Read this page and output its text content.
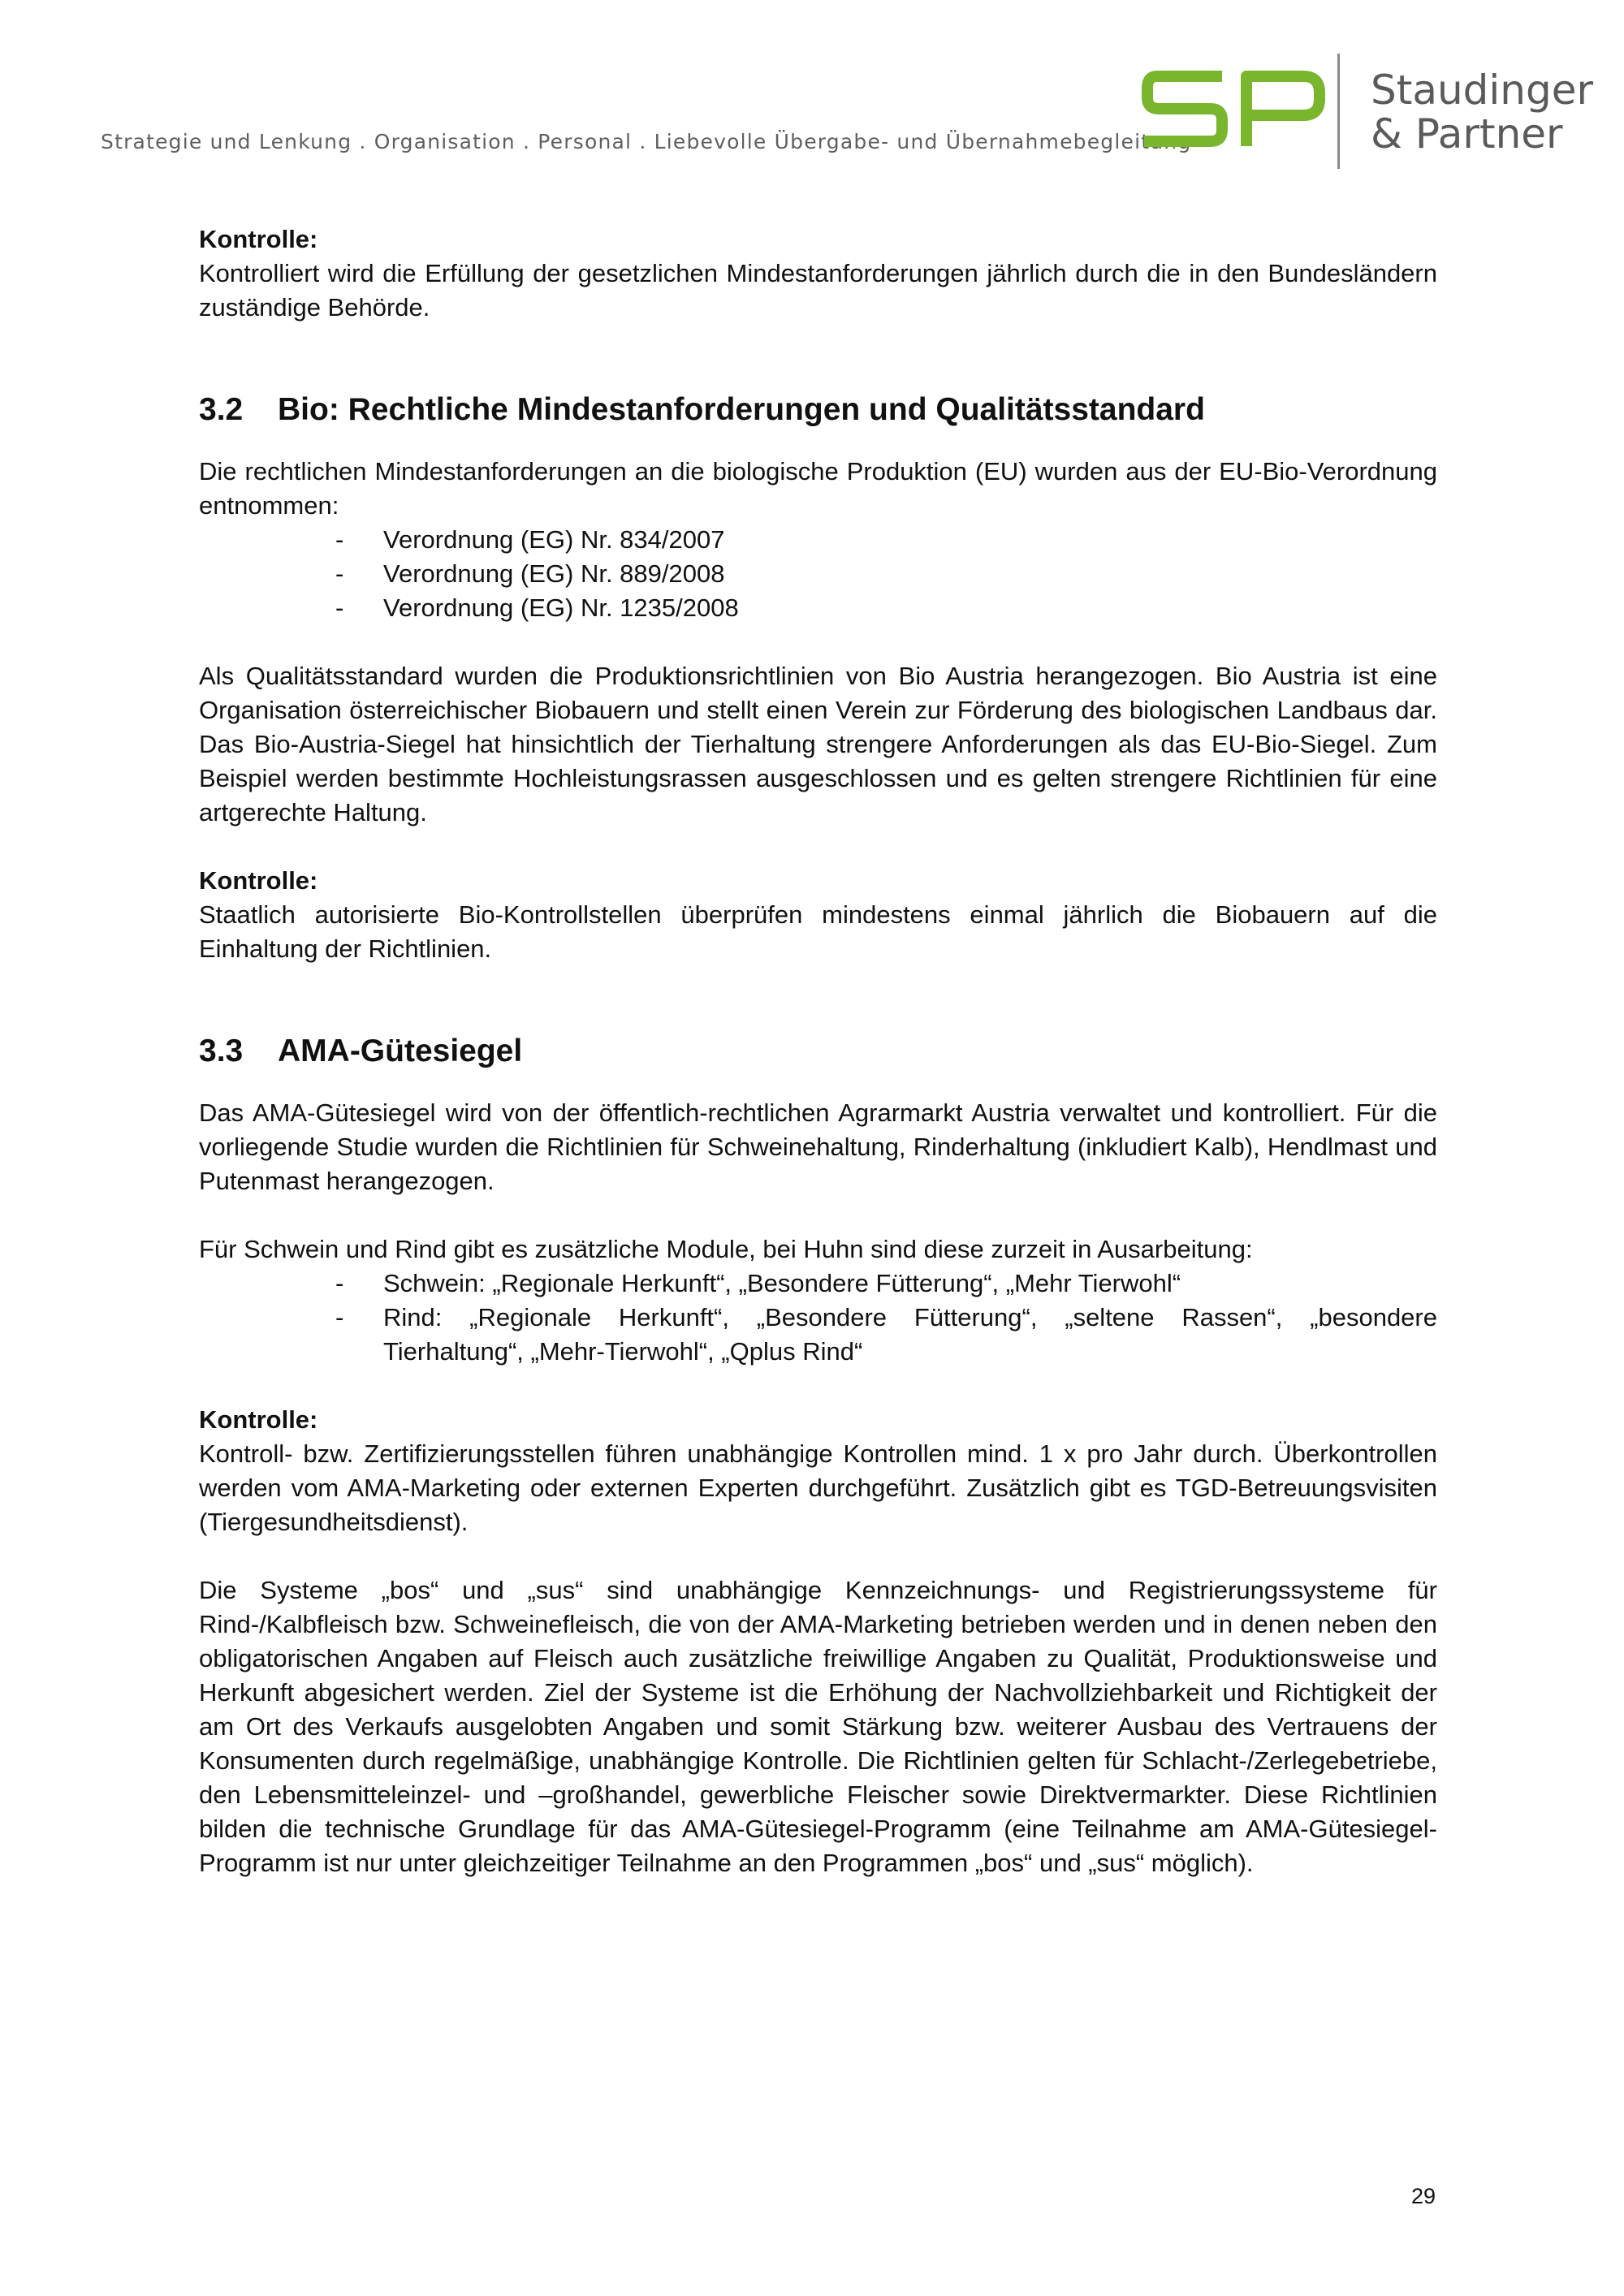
Strategie und Lenkung . Organisation . Personal . Liebevolle Übergabe- und Übernahmebegleitung
Staudinger
& Partner

Kontrolle:

Kontrolliert wird die Erfüllung der gesetzlichen Mindestanforderungen jährlich durch die in den Bundesländern zuständige Behörde.

3.2 Bio: Rechtliche Mindestanforderungen und Qualitätsstandard

Die rechtlichen Mindestanforderungen an die biologische Produktion (EU) wurden aus der EU-Bio-Verordnung entnommen:

- Verordnung (EG) Nr. 834/2007
- Verordnung (EG) Nr. 889/2008
- Verordnung (EG) Nr. 1235/2008

Als Qualitätsstandard wurden die Produktionsrichtlinien von Bio Austria herangezogen. Bio Austria ist eine Organisation österreichischer Biobauern und stellt einen Verein zur Förderung des biologischen Landbaus dar. Das Bio-Austria-Siegel hat hinsichtlich der Tierhaltung strengere Anforderungen als das EU-Bio-Siegel. Zum Beispiel werden bestimmte Hochleistungsrassen ausgeschlossen und es gelten strengere Richtlinien für eine artgerechte Haltung.

Kontrolle:

Staatlich autorisierte Bio-Kontrollstellen überprüfen mindestens einmal jährlich die Biobauern auf die Einhaltung der Richtlinien.

3.3 AMA-Gütesiegel

Das AMA-Gütesiegel wird von der öffentlich-rechtlichen Agrarmarkt Austria verwaltet und kontrolliert. Für die vorliegende Studie wurden die Richtlinien für Schweinehaltung, Rinderhaltung (inkludiert Kalb), Hendlmast und Putenmast herangezogen.

Für Schwein und Rind gibt es zusätzliche Module, bei Huhn sind diese zurzeit in Ausarbeitung:

- Schwein: „Regionale Herkunft“, „Besondere Fütterung“, „Mehr Tierwohl“
- Rind: „Regionale Herkunft“, „Besondere Fütterung“, „seltene Rassen“, „besondere Tierhaltung“, „Mehr-Tierwohl“, „Qplus Rind“

Kontrolle:

Kontroll- bzw. Zertifizierungsstellen führen unabhängige Kontrollen mind. 1 x pro Jahr durch. Überkontrollen werden vom AMA-Marketing oder externen Experten durchgeführt. Zusätzlich gibt es TGD-Betreuungsvisiten (Tiergesundheitsdienst).

Die Systeme „bos“ und „sus“ sind unabhängige Kennzeichnungs- und Registrierungssysteme für Rind-/Kalbfleisch bzw. Schweinefleisch, die von der AMA-Marketing betrieben werden und in denen neben den obligatorischen Angaben auf Fleisch auch zusätzliche freiwillige Angaben zu Qualität, Produktionsweise und Herkunft abgesichert werden. Ziel der Systeme ist die Erhöhung der Nachvollziehbarkeit und Richtigkeit der am Ort des Verkaufs ausgelobten Angaben und somit Stärkung bzw. weiterer Ausbau des Vertrauens der Konsumenten durch regelmäßige, unabhängige Kontrolle. Die Richtlinien gelten für Schlacht-/Zerlegebetriebe, den Lebensmitteleinzel- und –großhandel, gewerbliche Fleischer sowie Direktvermarkter. Diese Richtlinien bilden die technische Grundlage für das AMA-Gütesiegel-Programm (eine Teilnahme am AMA-Gütesiegel-Programm ist nur unter gleichzeitiger Teilnahme an den Programmen „bos“ und „sus“ möglich).

29
